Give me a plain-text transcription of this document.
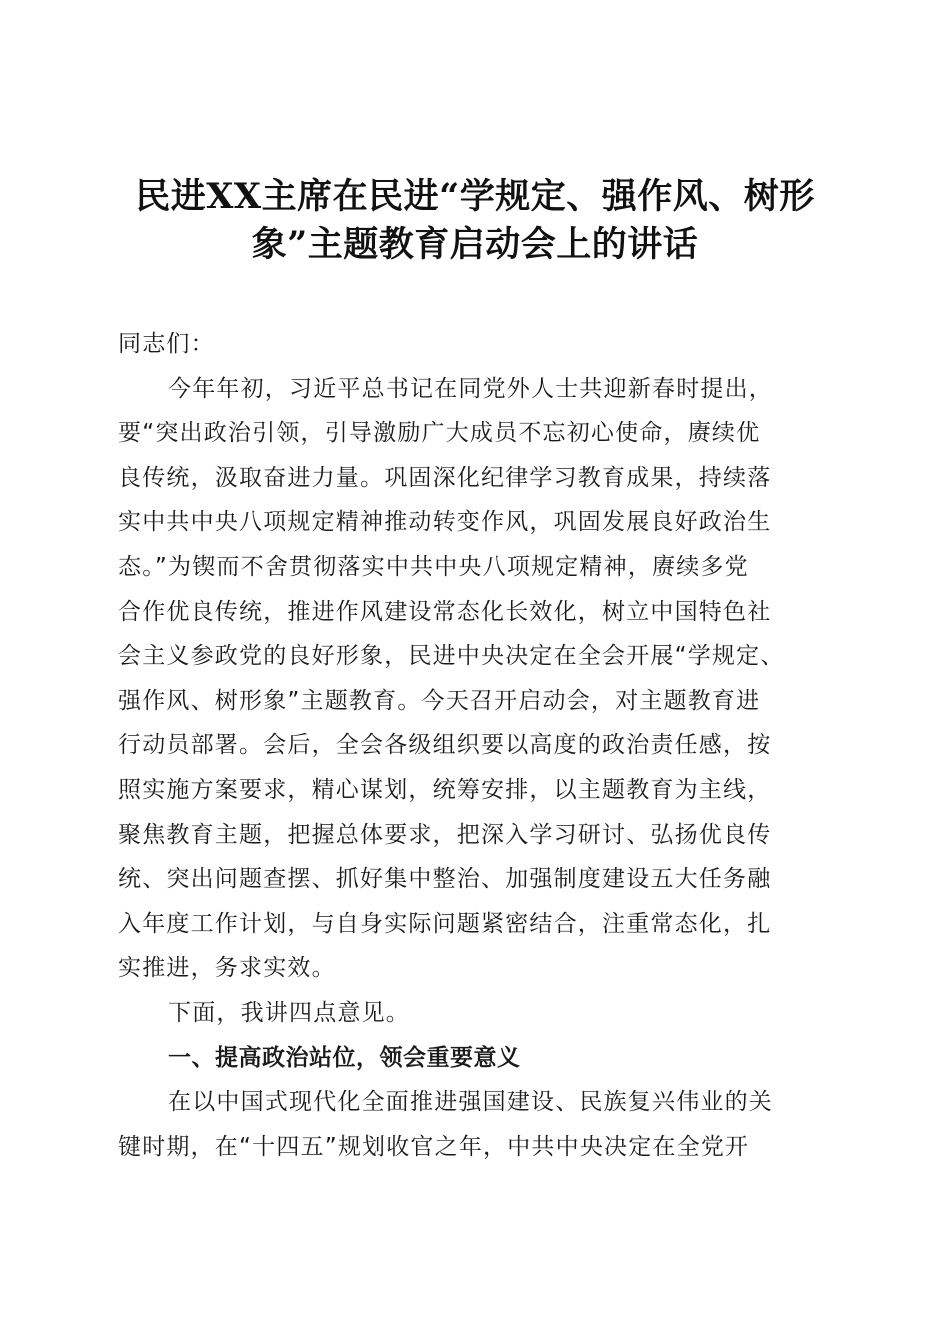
民进XX主席在民进“学规定、强作风、树形
象”主题教育启动会上的讲话
同志们：
今年年初，习近平总书记在同党外人士共迎新春时提出，
要“突出政治引领，引导激励广大成员不忘初心使命，赓续优
良传统，汲取奋进力量。巩固深化纪律学习教育成果，持续落
实中共中央八项规定精神推动转变作风，巩固发展良好政治生
态。”为锲而不舍贯彻落实中共中央八项规定精神，赓续多党
合作优良传统，推进作风建设常态化长效化，树立中国特色社
会主义参政党的良好形象，民进中央决定在全会开展“学规定、
强作风、树形象”主题教育。今天召开启动会，对主题教育进
行动员部署。会后，全会各级组织要以高度的政治责任感，按
照实施方案要求，精心谋划，统筹安排，以主题教育为主线，
聚焦教育主题，把握总体要求，把深入学习研讨、弘扬优良传
统、突出问题查摆、抓好集中整治、加强制度建设五大任务融
入年度工作计划，与自身实际问题紧密结合，注重常态化，扎
实推进，务求实效。
下面，我讲四点意见。
一、提高政治站位，领会重要意义
在以中国式现代化全面推进强国建设、民族复兴伟业的关
键时期，在“十四五”规划收官之年，中共中央决定在全党开
